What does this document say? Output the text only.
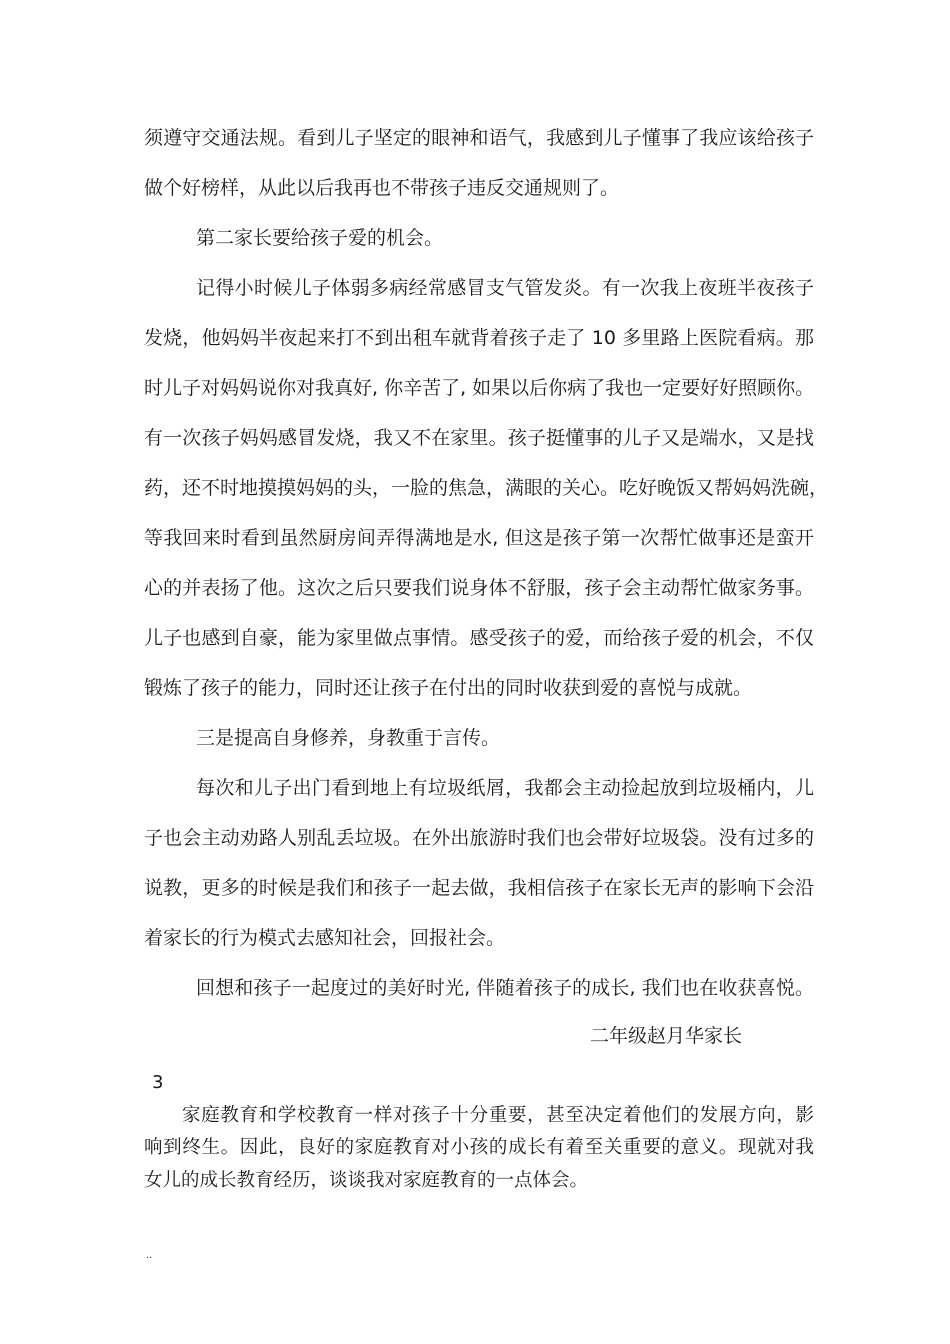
须遵守交通法规。看到儿子坚定的眼神和语气，我感到儿子懂事了我应该给孩子
做个好榜样，从此以后我再也不带孩子违反交通规则了。
第二家长要给孩子爱的机会。
记得小时候儿子体弱多病经常感冒支气管发炎。有一次我上夜班半夜孩子
发烧，他妈妈半夜起来打不到出租车就背着孩子走了 10 多里路上医院看病。那
时儿子对妈妈说你对我真好, 你辛苦了, 如果以后你病了我也一定要好好照顾你。
有一次孩子妈妈感冒发烧，我又不在家里。孩子挺懂事的儿子又是端水，又是找
药，还不时地摸摸妈妈的头，一脸的焦急，满眼的关心。吃好晚饭又帮妈妈洗碗，
等我回来时看到虽然厨房间弄得满地是水, 但这是孩子第一次帮忙做事还是蛮开
心的并表扬了他。这次之后只要我们说身体不舒服，孩子会主动帮忙做家务事。
儿子也感到自豪，能为家里做点事情。感受孩子的爱，而给孩子爱的机会，不仅
锻炼了孩子的能力，同时还让孩子在付出的同时收获到爱的喜悦与成就。
三是提高自身修养，身教重于言传。
每次和儿子出门看到地上有垃圾纸屑，我都会主动捡起放到垃圾桶内，儿
子也会主动劝路人别乱丢垃圾。在外出旅游时我们也会带好垃圾袋。没有过多的
说教，更多的时候是我们和孩子一起去做，我相信孩子在家长无声的影响下会沿
着家长的行为模式去感知社会，回报社会。
回想和孩子一起度过的美好时光, 伴随着孩子的成长, 我们也在收获喜悦。
二年级赵月华家长
3
家庭教育和学校教育一样对孩子十分重要，甚至决定着他们的发展方向，影
响到终生。因此，良好的家庭教育对小孩的成长有着至关重要的意义。现就对我
女儿的成长教育经历，谈谈我对家庭教育的一点体会。
..
